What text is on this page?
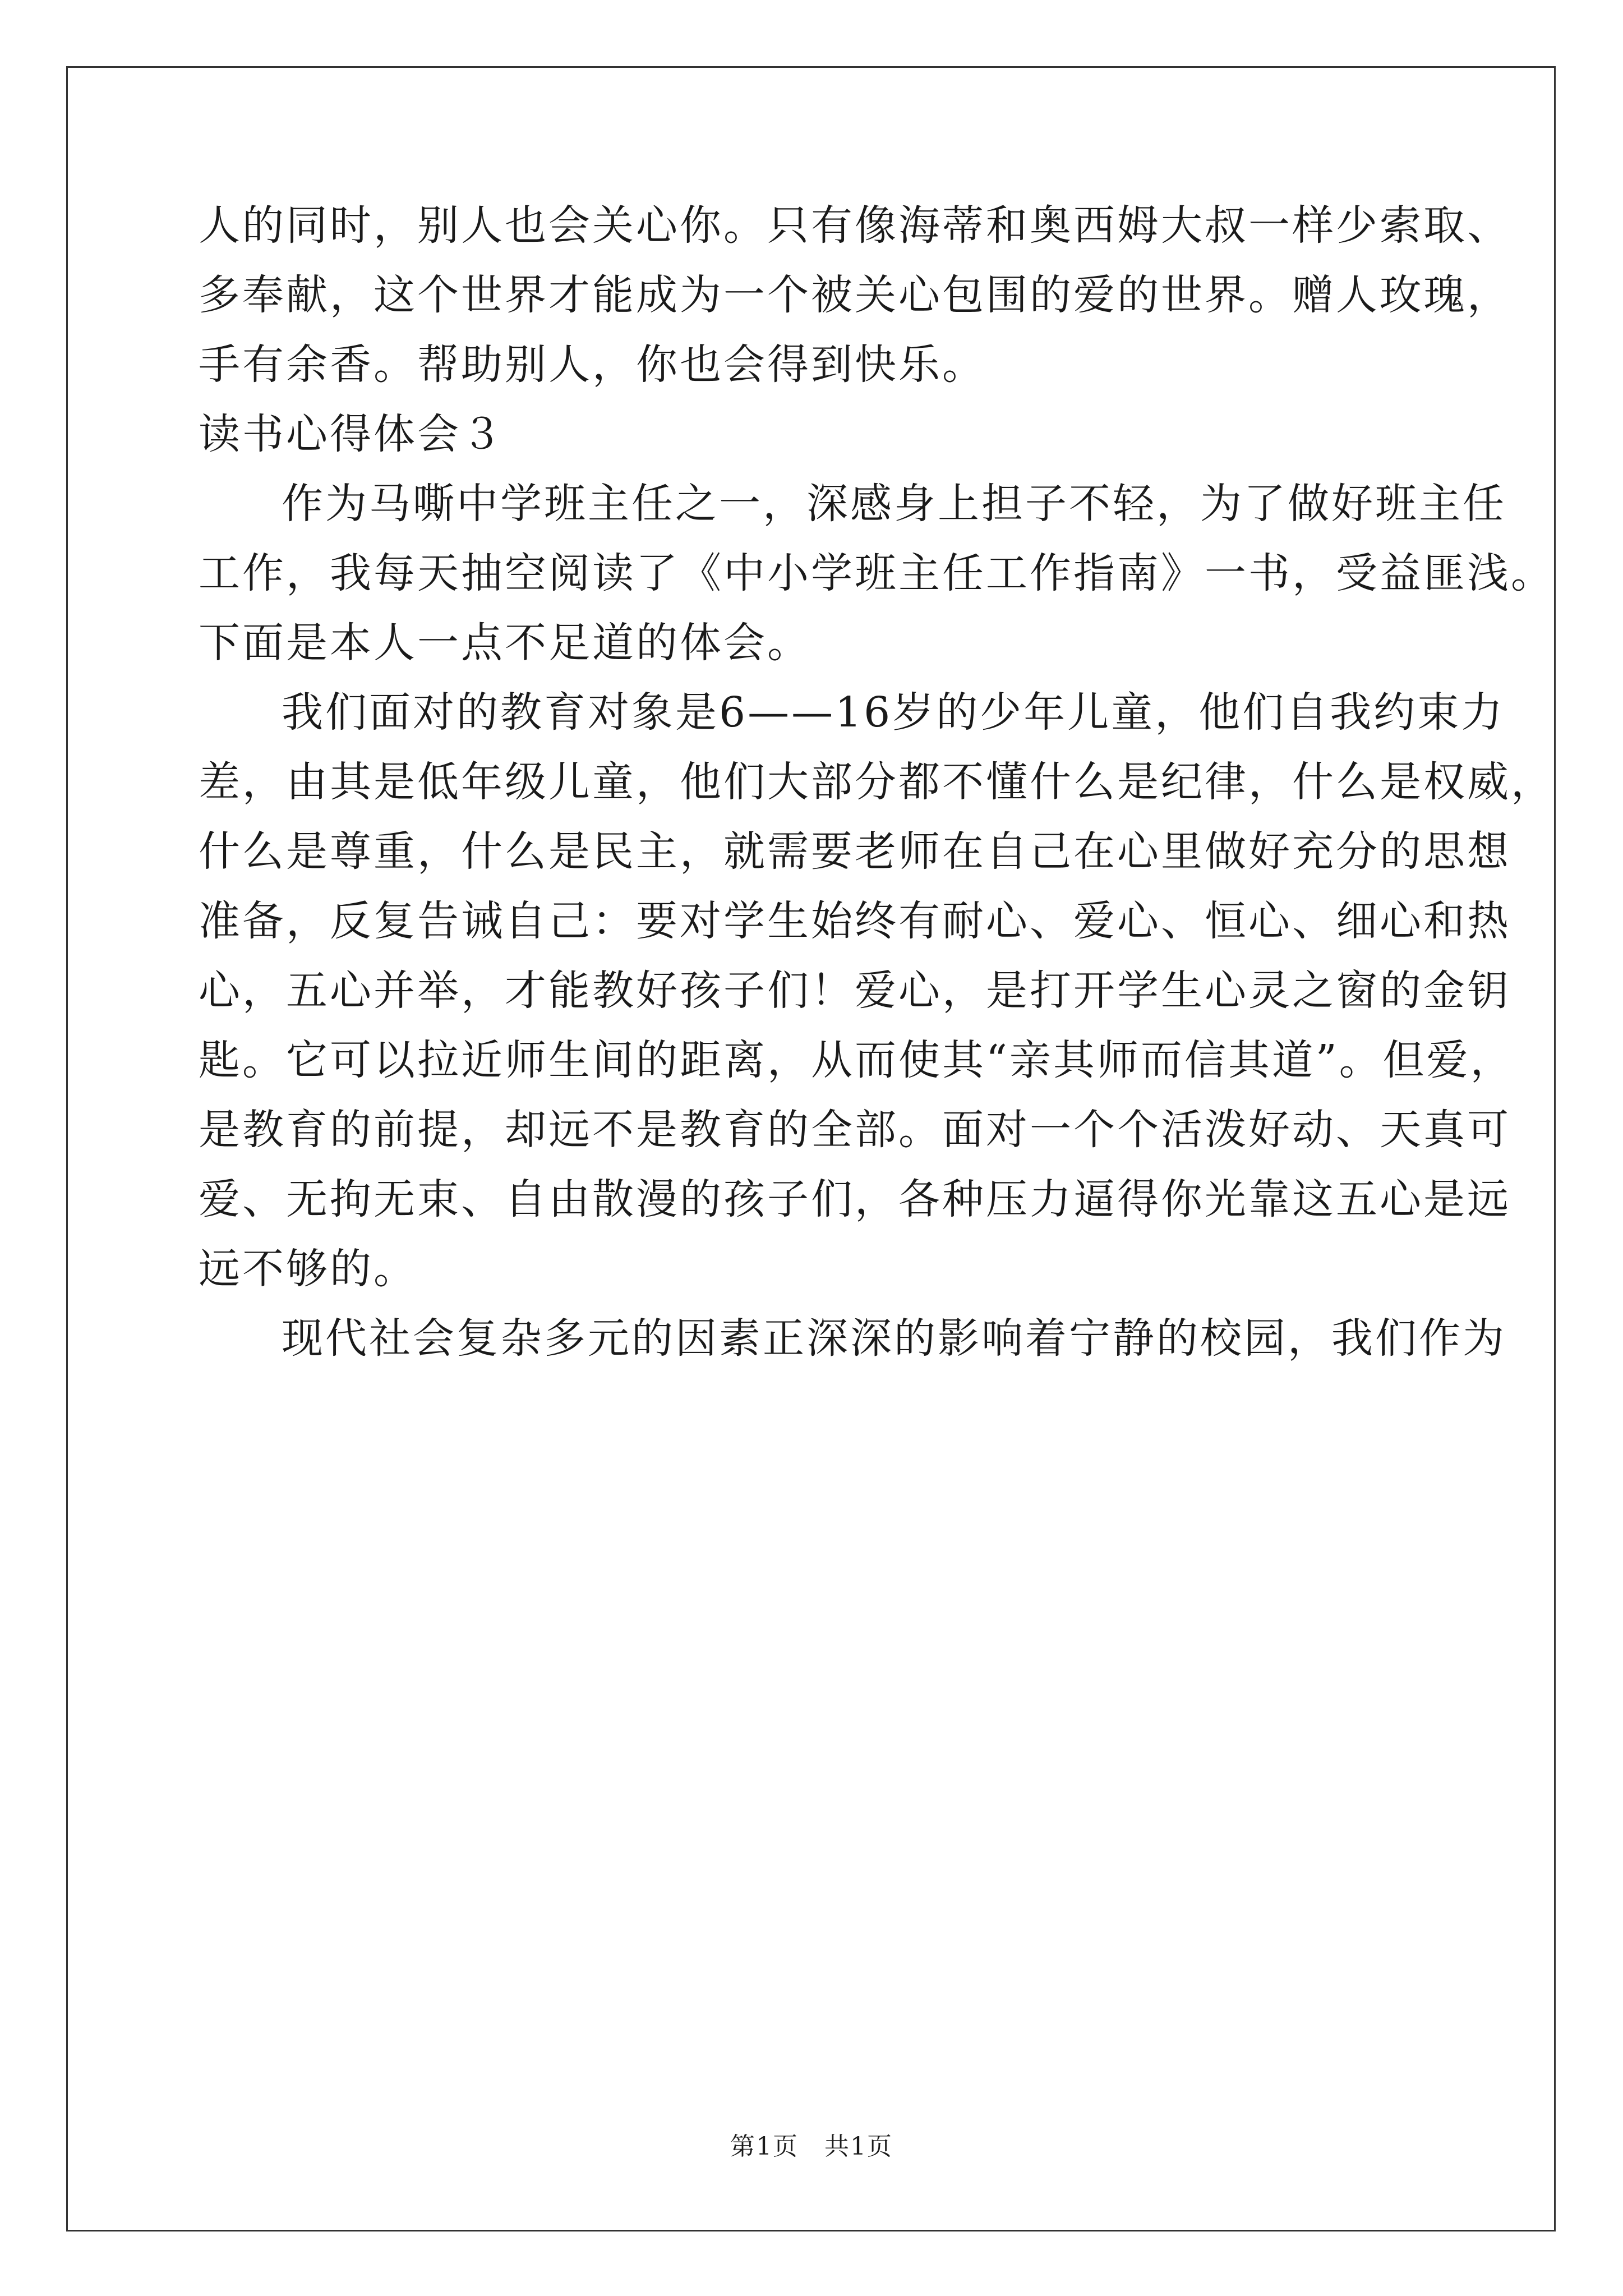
人的同时，别人也会关心你。只有像海蒂和奥西姆大叔一样少索取、
多奉献，这个世界才能成为一个被关心包围的爱的世界。赠人玫瑰，
手有余香。帮助别人，你也会得到快乐。
读书心得体会３
作为马嘶中学班主任之一，深感身上担子不轻，为了做好班主任
工作，我每天抽空阅读了《中小学班主任工作指南》一书，受益匪浅。
下面是本人一点不足道的体会。
我们面对的教育对象是6——16岁的少年儿童，他们自我约束力
差，由其是低年级儿童，他们大部分都不懂什么是纪律，什么是权威，
什么是尊重，什么是民主，就需要老师在自己在心里做好充分的思想
准备，反复告诫自己：要对学生始终有耐心、爱心、恒心、细心和热
心，五心并举，才能教好孩子们！爱心，是打开学生心灵之窗的金钥
匙。它可以拉近师生间的距离，从而使其“亲其师而信其道”。但爱，
是教育的前提，却远不是教育的全部。面对一个个活泼好动、天真可
爱、无拘无束、自由散漫的孩子们，各种压力逼得你光靠这五心是远
远不够的。
现代社会复杂多元的因素正深深的影响着宁静的校园，我们作为
第1页　共1页
